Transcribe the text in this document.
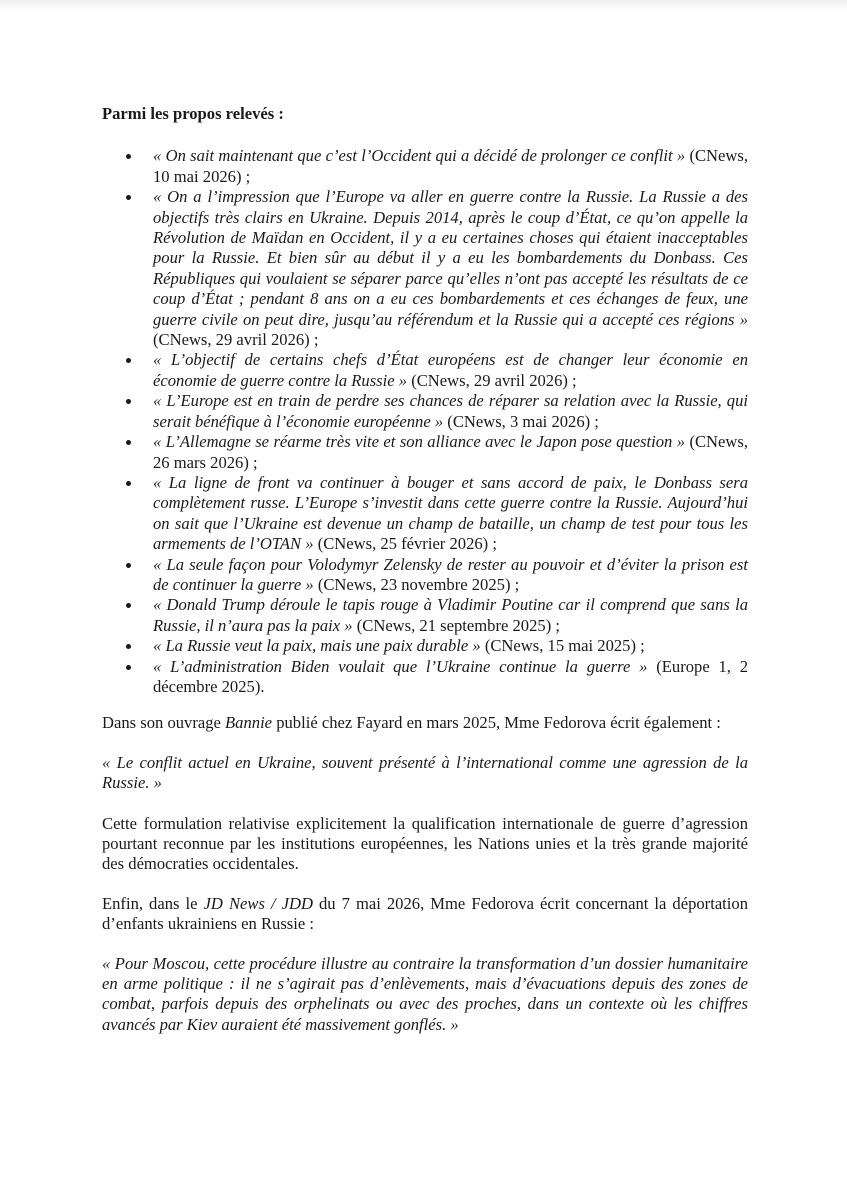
Parmi les propos relevés :
« On sait maintenant que c’est l’Occident qui a décidé de prolonger ce conflit » (CNews, 10 mai 2026) ;
« On a l’impression que l’Europe va aller en guerre contre la Russie. La Russie a des objectifs très clairs en Ukraine. Depuis 2014, après le coup d’État, ce qu’on appelle la Révolution de Maïdan en Occident, il y a eu certaines choses qui étaient inacceptables pour la Russie. Et bien sûr au début il y a eu les bombardements du Donbass. Ces Républiques qui voulaient se séparer parce qu’elles n’ont pas accepté les résultats de ce coup d’État ; pendant 8 ans on a eu ces bombardements et ces échanges de feux, une guerre civile on peut dire, jusqu’au référendum et la Russie qui a accepté ces régions » (CNews, 29 avril 2026) ;
« L’objectif de certains chefs d’État européens est de changer leur économie en économie de guerre contre la Russie » (CNews, 29 avril 2026) ;
« L’Europe est en train de perdre ses chances de réparer sa relation avec la Russie, qui serait bénéfique à l’économie européenne » (CNews, 3 mai 2026) ;
« L’Allemagne se réarme très vite et son alliance avec le Japon pose question » (CNews, 26 mars 2026) ;
« La ligne de front va continuer à bouger et sans accord de paix, le Donbass sera complètement russe. L’Europe s’investit dans cette guerre contre la Russie. Aujourd’hui on sait que l’Ukraine est devenue un champ de bataille, un champ de test pour tous les armements de l’OTAN » (CNews, 25 février 2026) ;
« La seule façon pour Volodymyr Zelensky de rester au pouvoir et d’éviter la prison est de continuer la guerre » (CNews, 23 novembre 2025) ;
« Donald Trump déroule le tapis rouge à Vladimir Poutine car il comprend que sans la Russie, il n’aura pas la paix » (CNews, 21 septembre 2025) ;
« La Russie veut la paix, mais une paix durable » (CNews, 15 mai 2025) ;
« L’administration Biden voulait que l’Ukraine continue la guerre » (Europe 1, 2 décembre 2025).

Dans son ouvrage Bannie publié chez Fayard en mars 2025, Mme Fedorova écrit également :

« Le conflit actuel en Ukraine, souvent présenté à l’international comme une agression de la Russie. »

Cette formulation relativise explicitement la qualification internationale de guerre d’agression pourtant reconnue par les institutions européennes, les Nations unies et la très grande majorité des démocraties occidentales.

Enfin, dans le JD News / JDD du 7 mai 2026, Mme Fedorova écrit concernant la déportation d’enfants ukrainiens en Russie :

« Pour Moscou, cette procédure illustre au contraire la transformation d’un dossier humanitaire en arme politique : il ne s’agirait pas d’enlèvements, mais d’évacuations depuis des zones de combat, parfois depuis des orphelinats ou avec des proches, dans un contexte où les chiffres avancés par Kiev auraient été massivement gonflés. »
